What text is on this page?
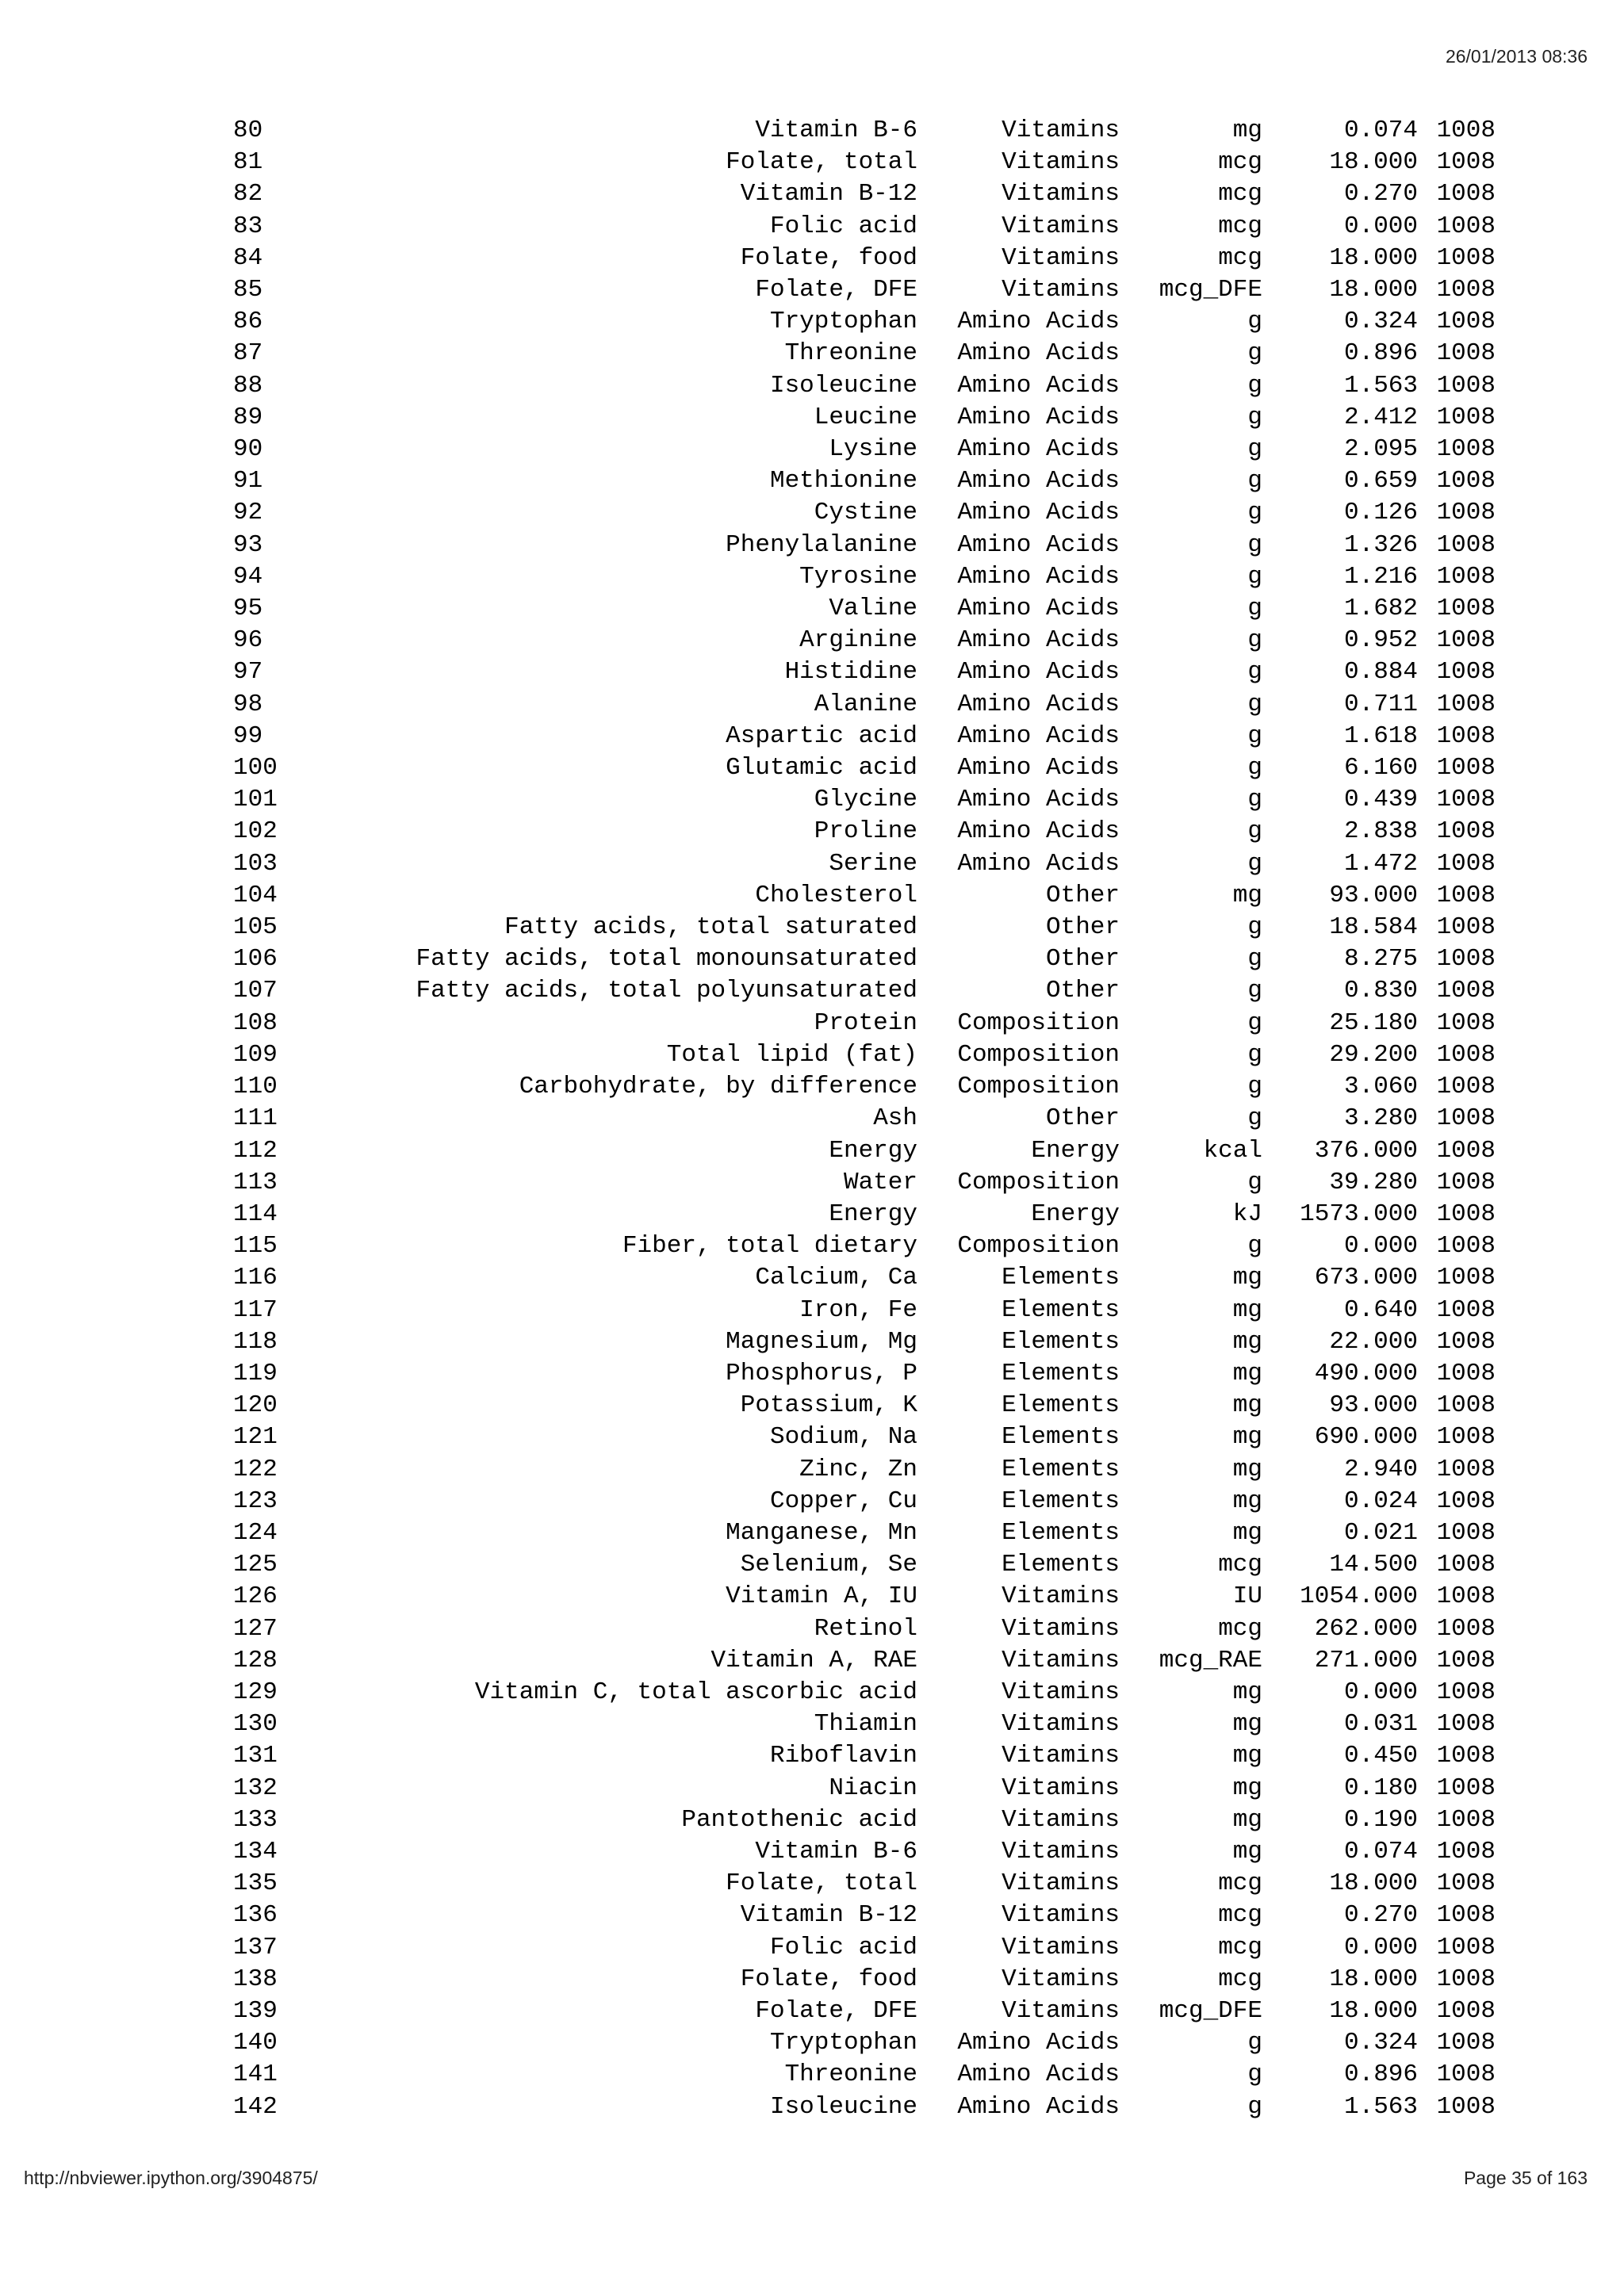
26/01/2013 08:36
80	Vitamin B-6	Vitamins	mg	0.074	1008
81	Folate, total	Vitamins	mcg	18.000	1008
82	Vitamin B-12	Vitamins	mcg	0.270	1008
83	Folic acid	Vitamins	mcg	0.000	1008
84	Folate, food	Vitamins	mcg	18.000	1008
85	Folate, DFE	Vitamins	mcg_DFE	18.000	1008
86	Tryptophan	Amino Acids	g	0.324	1008
87	Threonine	Amino Acids	g	0.896	1008
88	Isoleucine	Amino Acids	g	1.563	1008
89	Leucine	Amino Acids	g	2.412	1008
90	Lysine	Amino Acids	g	2.095	1008
91	Methionine	Amino Acids	g	0.659	1008
92	Cystine	Amino Acids	g	0.126	1008
93	Phenylalanine	Amino Acids	g	1.326	1008
94	Tyrosine	Amino Acids	g	1.216	1008
95	Valine	Amino Acids	g	1.682	1008
96	Arginine	Amino Acids	g	0.952	1008
97	Histidine	Amino Acids	g	0.884	1008
98	Alanine	Amino Acids	g	0.711	1008
99	Aspartic acid	Amino Acids	g	1.618	1008
100	Glutamic acid	Amino Acids	g	6.160	1008
101	Glycine	Amino Acids	g	0.439	1008
102	Proline	Amino Acids	g	2.838	1008
103	Serine	Amino Acids	g	1.472	1008
104	Cholesterol	Other	mg	93.000	1008
105	Fatty acids, total saturated	Other	g	18.584	1008
106	Fatty acids, total monounsaturated	Other	g	8.275	1008
107	Fatty acids, total polyunsaturated	Other	g	0.830	1008
108	Protein	Composition	g	25.180	1008
109	Total lipid (fat)	Composition	g	29.200	1008
110	Carbohydrate, by difference	Composition	g	3.060	1008
111	Ash	Other	g	3.280	1008
112	Energy	Energy	kcal	376.000	1008
113	Water	Composition	g	39.280	1008
114	Energy	Energy	kJ	1573.000	1008
115	Fiber, total dietary	Composition	g	0.000	1008
116	Calcium, Ca	Elements	mg	673.000	1008
117	Iron, Fe	Elements	mg	0.640	1008
118	Magnesium, Mg	Elements	mg	22.000	1008
119	Phosphorus, P	Elements	mg	490.000	1008
120	Potassium, K	Elements	mg	93.000	1008
121	Sodium, Na	Elements	mg	690.000	1008
122	Zinc, Zn	Elements	mg	2.940	1008
123	Copper, Cu	Elements	mg	0.024	1008
124	Manganese, Mn	Elements	mg	0.021	1008
125	Selenium, Se	Elements	mcg	14.500	1008
126	Vitamin A, IU	Vitamins	IU	1054.000	1008
127	Retinol	Vitamins	mcg	262.000	1008
128	Vitamin A, RAE	Vitamins	mcg_RAE	271.000	1008
129	Vitamin C, total ascorbic acid	Vitamins	mg	0.000	1008
130	Thiamin	Vitamins	mg	0.031	1008
131	Riboflavin	Vitamins	mg	0.450	1008
132	Niacin	Vitamins	mg	0.180	1008
133	Pantothenic acid	Vitamins	mg	0.190	1008
134	Vitamin B-6	Vitamins	mg	0.074	1008
135	Folate, total	Vitamins	mcg	18.000	1008
136	Vitamin B-12	Vitamins	mcg	0.270	1008
137	Folic acid	Vitamins	mcg	0.000	1008
138	Folate, food	Vitamins	mcg	18.000	1008
139	Folate, DFE	Vitamins	mcg_DFE	18.000	1008
140	Tryptophan	Amino Acids	g	0.324	1008
141	Threonine	Amino Acids	g	0.896	1008
142	Isoleucine	Amino Acids	g	1.563	1008
http://nbviewer.ipython.org/3904875/	Page 35 of 163
